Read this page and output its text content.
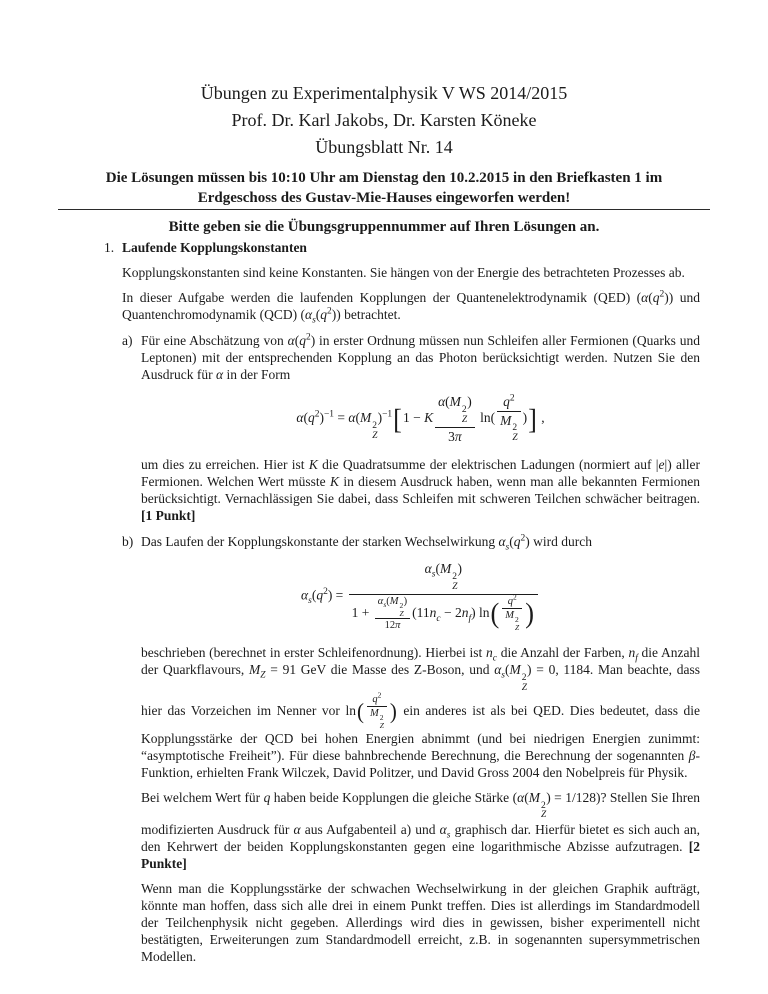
Übungen zu Experimentalphysik V WS 2014/2015
Prof. Dr. Karl Jakobs, Dr. Karsten Köneke
Übungsblatt Nr. 14

Die Lösungen müssen bis 10:10 Uhr am Dienstag den 10.2.2015 in den Briefkasten 1 im Erdgeschoss des Gustav-Mie-Hauses eingeworfen werden!

Bitte geben sie die Übungsgruppennummer auf Ihren Lösungen an.

1. Laufende Kopplungskonstanten

Kopplungskonstanten sind keine Konstanten. Sie hängen von der Energie des betrachteten Prozesses ab.

In dieser Aufgabe werden die laufenden Kopplungen der Quantenelektrodynamik (QED) $(\alpha(q^2))$ und Quantenchromodynamik (QCD) $(\alpha_s(q^2))$ betrachtet.

a) Für eine Abschätzung von $\alpha(q^2)$ in erster Ordnung müssen nun Schleifen aller Fermionen (Quarks und Leptonen) mit der entsprechenden Kopplung an das Photon berücksichtigt werden. Nutzen Sie den Ausdruck für α in der Form

$\alpha(q^2)^{-1} = \alpha(M$
2
Z
)$^{-1}$[1 − K α(M
2
Z
)
3π ln( $q^2$
M
2
Z )] ,

um dies zu erreichen. Hier ist K die Quadratsumme der elektrischen Ladungen (normiert auf |e|) aller Fermionen. Welchen Wert müsste K in diesem Ausdruck haben, wenn man alle bekannten Fermionen berücksichtigt. Vernachlässigen Sie dabei, dass Schleifen mit schweren Teilchen schwächer beitragen. [1 Punkt]

b) Das Laufen der Kopplungskonstante der starken Wechselwirkung $\alpha_s(q^2)$ wird durch

$\alpha_s(q^2) = \alpha_s(M$
2
Z
)
$1 + \alpha_s(M$ 2
Z
)
12π $(11n_c - 2n_f)$ ln( $q^2$
M 2
Z )

beschrieben (berechnet in erster Schleifenordnung). Hierbei ist $n_c$ die Anzahl der Farben, $n_f$ die Anzahl der Quarkflavours, $M_Z = 91$ GeV die Masse des Z-Boson, und $\alpha_s(M$
2
Z
) = 0, 1184. Man beachte, dass hier das Vorzeichen im Nenner vor ln( $q^2$
M 2
Z ) ein anderes ist als bei QED. Dies bedeutet, dass die Kopplungsstärke der QCD bei hohen Energien abnimmt (und bei niedrigen Energien zunimmt: “asymptotische Freiheit”). Für diese bahnbrechende Berechnung, die Berechnung der sogenannten β-Funktion, erhielten Frank Wilczek, David Politzer, und David Gross 2004 den Nobelpreis für Physik.

Bei welchem Wert für q haben beide Kopplungen die gleiche Stärke (α(M
2
Z
) = 1/128)? Stellen Sie Ihren modifizierten Ausdruck für α aus Aufgabenteil a) und $\alpha_s$ graphisch dar. Hierfür bietet es sich auch an, den Kehrwert der beiden Kopplungskonstanten gegen eine logarithmische Abzisse aufzutragen. [2 Punkte]

Wenn man die Kopplungsstärke der schwachen Wechselwirkung in der gleichen Graphik aufträgt, könnte man hoffen, dass sich alle drei in einem Punkt treffen. Dies ist allerdings im Standardmodell der Teilchenphysik nicht gegeben. Allerdings wird dies in gewissen, bisher experimentell nicht bestätigten, Erweiterungen zum Standardmodell erreicht, z.B. in sogenannten supersymmetrischen Modellen.
